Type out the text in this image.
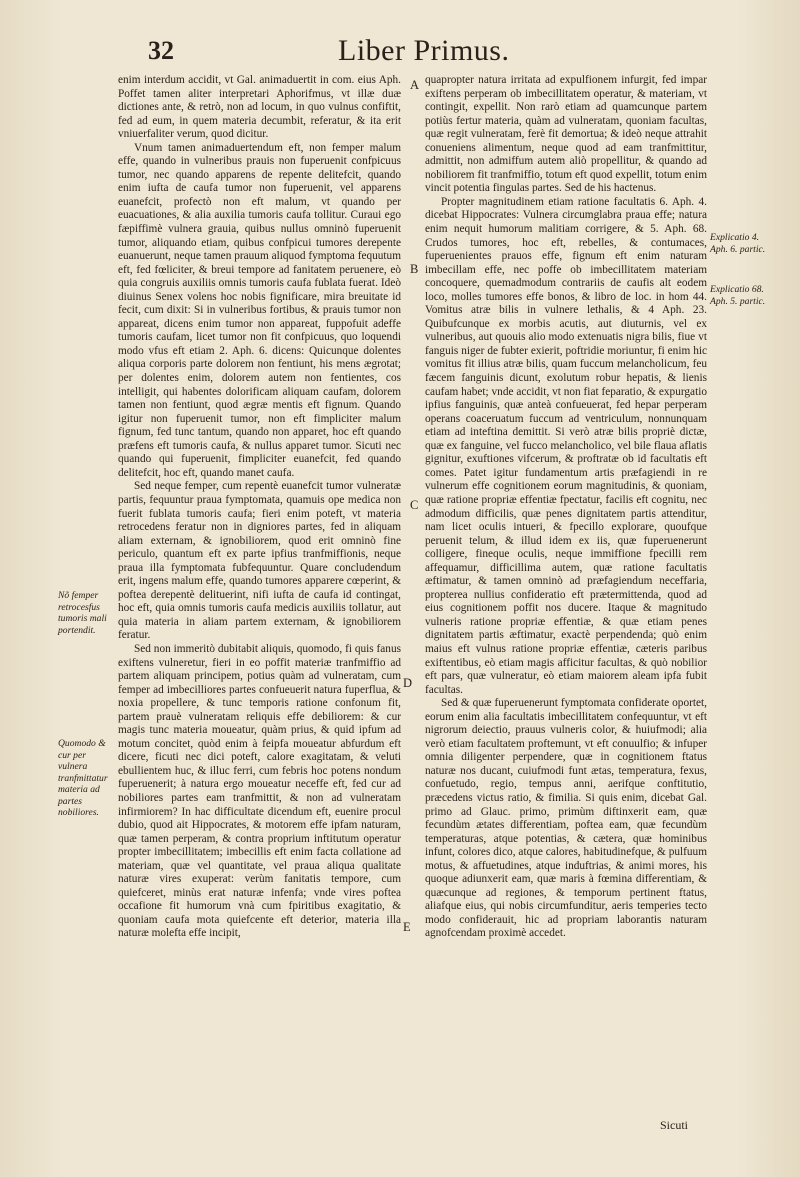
32	Liber Primus.

enim interdum accidit, vt Gal. animaduertit in com. eius Aph. Poffet tamen aliter interpretari Aphorifmus, vt illæ duæ dictiones ante, & retrò, non ad locum, in quo vulnus confiftit, fed ad eum, in quem materia decumbit, referatur, & ita erit vniuerfaliter verum, quod dicitur.

Vnum tamen animaduertendum eft, non femper malum effe, quando in vulneribus prauis non fuperuenit confpicuus tumor, nec quando apparens de repente delitefcit, quando enim iufta de caufa tumor non fuperuenit, vel apparens euanefcit, profectò non eft malum, vt quando per euacuationes, & alia auxilia tumoris caufa tollitur. Curaui ego fæpiffimè vulnera grauia, quibus nullus omninò fuperuenit tumor, aliquando etiam, quibus confpicui tumores derepente euanuerunt, neque tamen prauum aliquod fymptoma fequutum eft, fed fœliciter, & breui tempore ad fanitatem peruenere, eò quia congruis auxiliis omnis tumoris caufa fublata fuerat. Ideò diuinus Senex volens hoc nobis fignificare, mira breuitate id fecit, cum dixit: Si in vulneribus fortibus, & prauis tumor non appareat, dicens enim tumor non appareat, fuppofuit adeffe tumoris caufam, licet tumor non fit confpicuus, quo loquendi modo vfus eft etiam 2. Aph. 6. dicens: Quicunque dolentes aliqua corporis parte dolorem non fentiunt, his mens ægrotat; per dolentes enim, dolorem autem non fentientes, cos intelligit, qui habentes dolorificam aliquam caufam, dolorem tamen non fentiunt, quod ægræ mentis eft fignum. Quando igitur non fuperuenit tumor, non eft fimpliciter malum fignum, fed tunc tantum, quando non apparet, hoc eft quando præfens eft tumoris caufa, & nullus apparet tumor. Sicuti nec quando qui fuperuenit, fimpliciter euanefcit, fed quando delitefcit, hoc eft, quando manet caufa.

Sed neque femper, cum repentè euanefcit tumor vulneratæ partis, fequuntur praua fymptomata, quamuis ope medica non fuerit fublata tumoris caufa; fieri enim poteft, vt materia retrocedens feratur non in digniores partes, fed in aliquam aliam externam, & ignobiliorem, quod erit omninò fine periculo, quantum eft ex parte ipfius tranfmiffionis, neque praua illa fymptomata fubfequuntur. Quare concludendum erit, ingens malum effe, quando tumores apparere cœperint, & poftea derepentè delituerint, nifi iufta de caufa id contingat, hoc eft, quia omnis tumoris caufa medicis auxiliis tollatur, aut quia materia in aliam partem externam, & ignobiliorem feratur.

Sed non immeritò dubitabit aliquis, quomodo, fi quis fanus exiftens vulneretur, fieri in eo poffit materiæ tranfmiffio ad partem aliquam principem, potius quàm ad vulneratam, cum femper ad imbecilliores partes confueuerit natura fuperflua, & noxia propellere, & tunc temporis ratione confonum fit, partem prauè vulneratam reliquis effe debiliorem: & cur magis tunc materia moueatur, quàm prius, & quid ipfum ad motum concitet, quòd enim à feipfa moueatur abfurdum eft dicere, ficuti nec dici poteft, calore exagitatam, & veluti ebullientem huc, & illuc ferri, cum febris hoc potens nondum fuperuenerit; à natura ergo moueatur neceffe eft, fed cur ad nobiliores partes eam tranfmittit, & non ad vulneratam infirmiorem? In hac difficultate dicendum eft, euenire procul dubio, quod ait Hippocrates, & motorem effe ipfam naturam, quæ tamen perperam, & contra proprium inftitutum operatur propter imbecillitatem; imbecillis eft enim facta collatione ad materiam, quæ vel quantitate, vel praua aliqua qualitate naturæ vires exuperat: verùm fanitatis tempore, cum quiefceret, minùs erat naturæ infenfa; vnde vires poftea occafione fit humorum vnà cum fpiritibus exagitatio, & quoniam caufa mota quiefcente eft deterior, materia illa naturæ molefta effe incipit,

quapropter natura irritata ad expulfionem infurgit, fed impar exiftens perperam ob imbecillitatem operatur, & materiam, vt contingit, expellit. Non rarò etiam ad quamcunque partem potiùs fertur materia, quàm ad vulneratam, quoniam facultas, quæ regit vulneratam, ferè fit demortua; & ideò neque attrahit conueniens alimentum, neque quod ad eam tranfmittitur, admittit, non admiffum autem aliò propellitur, & quando ad nobiliorem fit tranfmiffio, totum eft quod expellit, totum enim vincit potentia fingulas partes. Sed de his hactenus.

Propter magnitudinem etiam ratione facultatis 6. Aph. 4. dicebat Hippocrates: Vulnera circumglabra praua effe; natura enim nequit humorum malitiam corrigere, & 5. Aph. 68. Crudos tumores, hoc eft, rebelles, & contumaces, fuperuenientes prauos effe, fignum eft enim naturam imbecillam effe, nec poffe ob imbecillitatem materiam concoquere, quemadmodum contrariis de caufis alt eodem loco, molles tumores effe bonos, & libro de loc. in hom 44. Vomitus atræ bilis in vulnere lethalis, & 4 Aph. 23. Quibufcunque ex morbis acutis, aut diuturnis, vel ex vulneribus, aut quouis alio modo extenuatis nigra bilis, fiue vt fanguis niger de fubter exierit, poftridie moriuntur, fi enim hic vomitus fit illius atræ bilis, quam fuccum melancholicum, feu fæcem fanguinis dicunt, exolutum robur hepatis, & lienis caufam habet; vnde accidit, vt non fiat feparatio, & expurgatio ipfius fanguinis, quæ anteà confueuerat, fed hepar perperam operans coaceruatum fuccum ad ventriculum, nonnunquam etiam ad inteftina demittit. Si verò atræ bilis propriè dictæ, quæ ex fanguine, vel fucco melancholico, vel bile flaua aflatis gignitur, exuftiones vifcerum, & proftratæ ob id facultatis eft comes. Patet igitur fundamentum artis præfagiendi in re vulnerum effe cognitionem eorum magnitudinis, & quoniam, quæ ratione propriæ effentiæ fpectatur, facilis eft cognitu, nec admodum difficilis, quæ penes dignitatem partis attenditur, nam licet oculis intueri, & fpecillo explorare, quoufque peruenit telum, & illud idem ex iis, quæ fuperuenerunt colligere, fineque oculis, neque immiffione fpecilli rem affequamur, difficillima autem, quæ ratione facultatis æftimatur, & tamen omninò ad præfagiendum neceffaria, propterea nullius confideratio eft prætermittenda, quod ad eius cognitionem poffit nos ducere. Itaque & magnitudo vulneris ratione propriæ effentiæ, & quæ etiam penes dignitatem partis æftimatur, exactè perpendenda; quò enim maius eft vulnus ratione propriæ effentiæ, cæteris paribus exiftentibus, eò etiam magis afficitur facultas, & quò nobilior eft pars, quæ vulneratur, eò etiam maiorem aleam ipfa fubit facultas.

Sed & quæ fuperuenerunt fymptomata confiderate oportet, eorum enim alia facultatis imbecillitatem confequuntur, vt eft nigrorum deiectio, prauus vulneris color, & huiufmodi; alia verò etiam facultatem proftemunt, vt eft conuulfio; & infuper omnia diligenter perpendere, quæ in cognitionem ftatus naturæ nos ducant, cuiufmodi funt ætas, temperatura, fexus, confuetudo, regio, tempus anni, aerifque conftitutio, præcedens victus ratio, & fimilia. Si quis enim, dicebat Gal. primo ad Glauc. primo, primùm diftinxerit eam, quæ fecundùm ætates differentiam, poftea eam, quæ fecundùm temperaturas, atque potentias, & cætera, quæ hominibus infunt, colores dico, atque calores, habitudinefque, & pulfuum motus, & affuetudines, atque induftrias, & animi mores, his quoque adiunxerit eam, quæ maris à fœmina differentiam, & quæcunque ad regiones, & temporum pertinent ftatus, aliafque eius, qui nobis circumfunditur, aeris temperies tecto modo confiderauit, hic ad propriam laborantis naturam agnofcendam proximè accedet.

Nõ femper retrocesfus tumoris mali portendit.
Quomodo & cur per vulnera tranfmittatur materia ad partes nobiliores.
Explicatio 4. Aph. 6. partic.
Explicatio 68. Aph. 5. partic.
A
B
C
D
E
Sicuti
